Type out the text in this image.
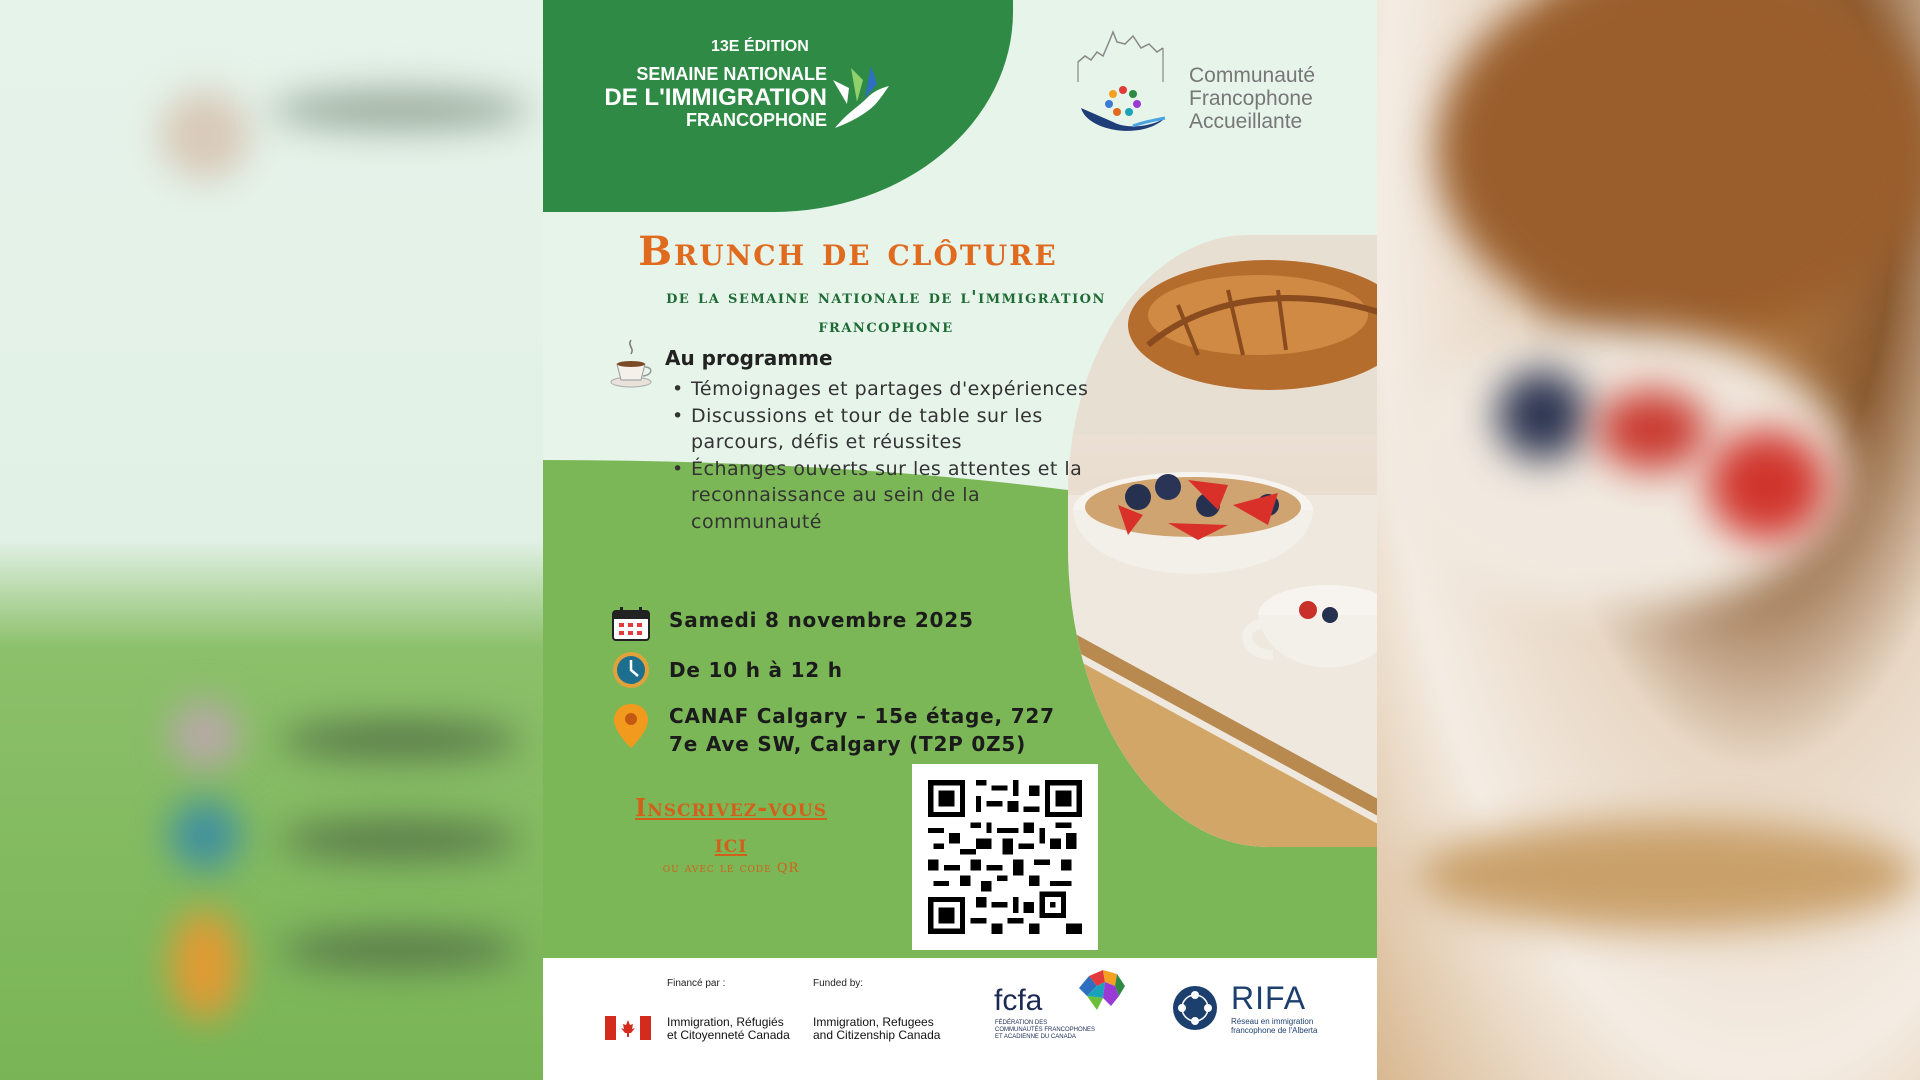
13E ÉDITION
SEMAINE NATIONALE
DE L'IMMIGRATION
FRANCOPHONE
Communauté
Francophone
Accueillante
Brunch de clôture
de la semaine nationale de l'immigration francophone
Au programme
• Témoignages et partages d'expériences
• Discussions et tour de table sur les parcours, défis et réussites
• Échanges ouverts sur les attentes et la reconnaissance au sein de la communauté
Samedi 8 novembre 2025
De 10 h à 12 h
CANAF Calgary – 15e étage, 727
7e Ave SW, Calgary (T2P 0Z5)
Inscrivez-vous ici
ou avec le code QR
Financé par :	Funded by:
Immigration, Réfugiés
et Citoyenneté Canada
Immigration, Refugees
and Citizenship Canada
fcfa
FÉDÉRATION DES COMMUNAUTÉS FRANCOPHONES ET ACADIENNE DU CANADA
RIFA
Réseau en immigration
francophone de l'Alberta
